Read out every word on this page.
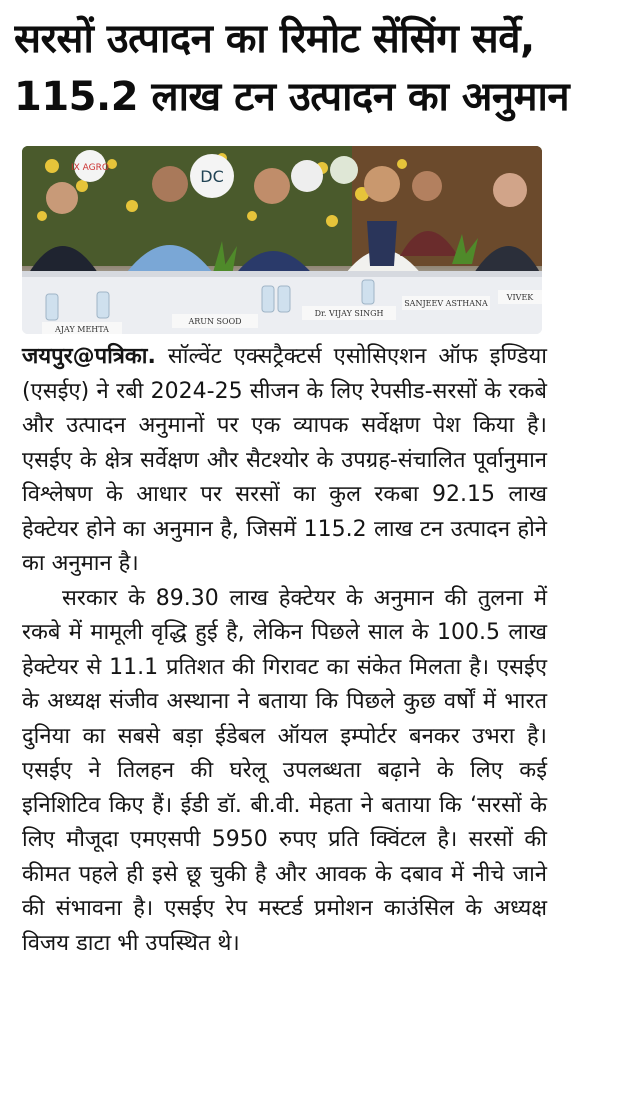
सरसों उत्पादन का रिमोट सेंसिंग सर्वे,
115.2 लाख टन उत्पादन का अनुमान
IX AGRO	DC
AJAY MEHTA
ARUN SOOD
Dr. VIJAY SINGH
SANJEEV ASTHANA
VIVEK

जयपुर@पत्रिका. सॉल्वेंट एक्सट्रैक्टर्स एसोसिएशन ऑफ इण्डिया (एसईए) ने रबी 2024-25 सीजन के लिए रेपसीड-सरसों के रकबे और उत्पादन अनुमानों पर एक व्यापक सर्वेक्षण पेश किया है। एसईए के क्षेत्र सर्वेक्षण और सैटश्योर के उपग्रह-संचालित पूर्वानुमान विश्लेषण के आधार पर सरसों का कुल रकबा 92.15 लाख हेक्टेयर होने का अनुमान है, जिसमें 115.2 लाख टन उत्पादन होने का अनुमान है।

सरकार के 89.30 लाख हेक्टेयर के अनुमान की तुलना में रकबे में मामूली वृद्धि हुई है, लेकिन पिछले साल के 100.5 लाख हेक्टेयर से 11.1 प्रतिशत की गिरावट का संकेत मिलता है। एसईए के अध्यक्ष संजीव अस्थाना ने बताया कि पिछले कुछ वर्षों में भारत दुनिया का सबसे बड़ा ईडेबल ऑयल इम्पोर्टर बनकर उभरा है। एसईए ने तिलहन की घरेलू उपलब्धता बढ़ाने के लिए कई इनिशिटिव किए हैं। ईडी डॉ. बी.वी. मेहता ने बताया कि ‘सरसों के लिए मौजूदा एमएसपी 5950 रुपए प्रति क्विंटल है। सरसों की कीमत पहले ही इसे छू चुकी है और आवक के दबाव में नीचे जाने की संभावना है। एसईए रेप मस्टर्ड प्रमोशन काउंसिल के अध्यक्ष विजय डाटा भी उपस्थित थे।
